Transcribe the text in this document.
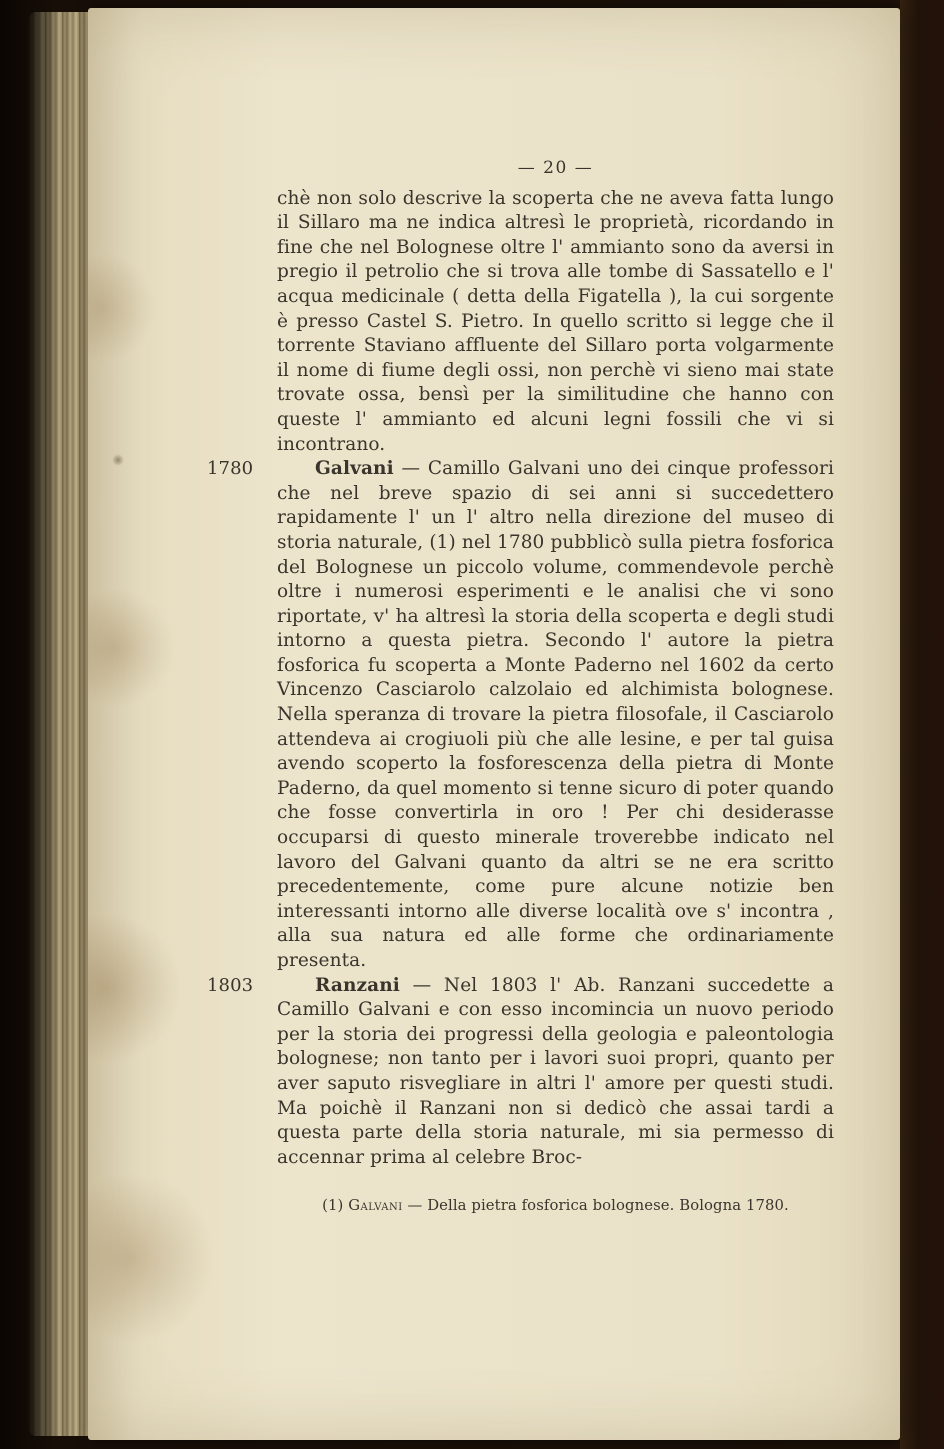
— 20 —

chè non solo descrive la scoperta che ne aveva fatta lungo il Sillaro ma ne indica altresì le proprietà, ricordando in fine che nel Bolognese oltre l' ammianto sono da aversi in pregio il petrolio che si trova alle tombe di Sassatello e l' acqua medicinale ( detta della Figatella ), la cui sorgente è presso Castel S. Pietro. In quello scritto si legge che il torrente Staviano affluente del Sillaro porta volgarmente il nome di fiume degli ossi, non perchè vi sieno mai state trovate ossa, bensì per la similitudine che hanno con queste l' ammianto ed alcuni legni fossili che vi si incontrano.

1780	Galvani — Camillo Galvani uno dei cinque professori che nel breve spazio di sei anni si succedettero rapidamente l' un l' altro nella direzione del museo di storia naturale, (1) nel 1780 pubblicò sulla pietra fosforica del Bolognese un piccolo volume, commendevole perchè oltre i numerosi esperimenti e le analisi che vi sono riportate, v' ha altresì la storia della scoperta e degli studi intorno a questa pietra. Secondo l' autore la pietra fosforica fu scoperta a Monte Paderno nel 1602 da certo Vincenzo Casciarolo calzolaio ed alchimista bolognese. Nella speranza di trovare la pietra filosofale, il Casciarolo attendeva ai crogiuoli più che alle lesine, e per tal guisa avendo scoperto la fosforescenza della pietra di Monte Paderno, da quel momento si tenne sicuro di poter quando che fosse convertirla in oro ! Per chi desiderasse occuparsi di questo minerale troverebbe indicato nel lavoro del Galvani quanto da altri se ne era scritto precedentemente, come pure alcune notizie ben interessanti intorno alle diverse località ove s' incontra , alla sua natura ed alle forme che ordinariamente presenta.

1803	Ranzani — Nel 1803 l' Ab. Ranzani succedette a Camillo Galvani e con esso incomincia un nuovo periodo per la storia dei progressi della geologia e paleontologia bolognese; non tanto per i lavori suoi propri, quanto per aver saputo risvegliare in altri l' amore per questi studi. Ma poichè il Ranzani non si dedicò che assai tardi a questa parte della storia naturale, mi sia permesso di accennar prima al celebre Broc-

(1) Galvani — Della pietra fosforica bolognese. Bologna 1780.
